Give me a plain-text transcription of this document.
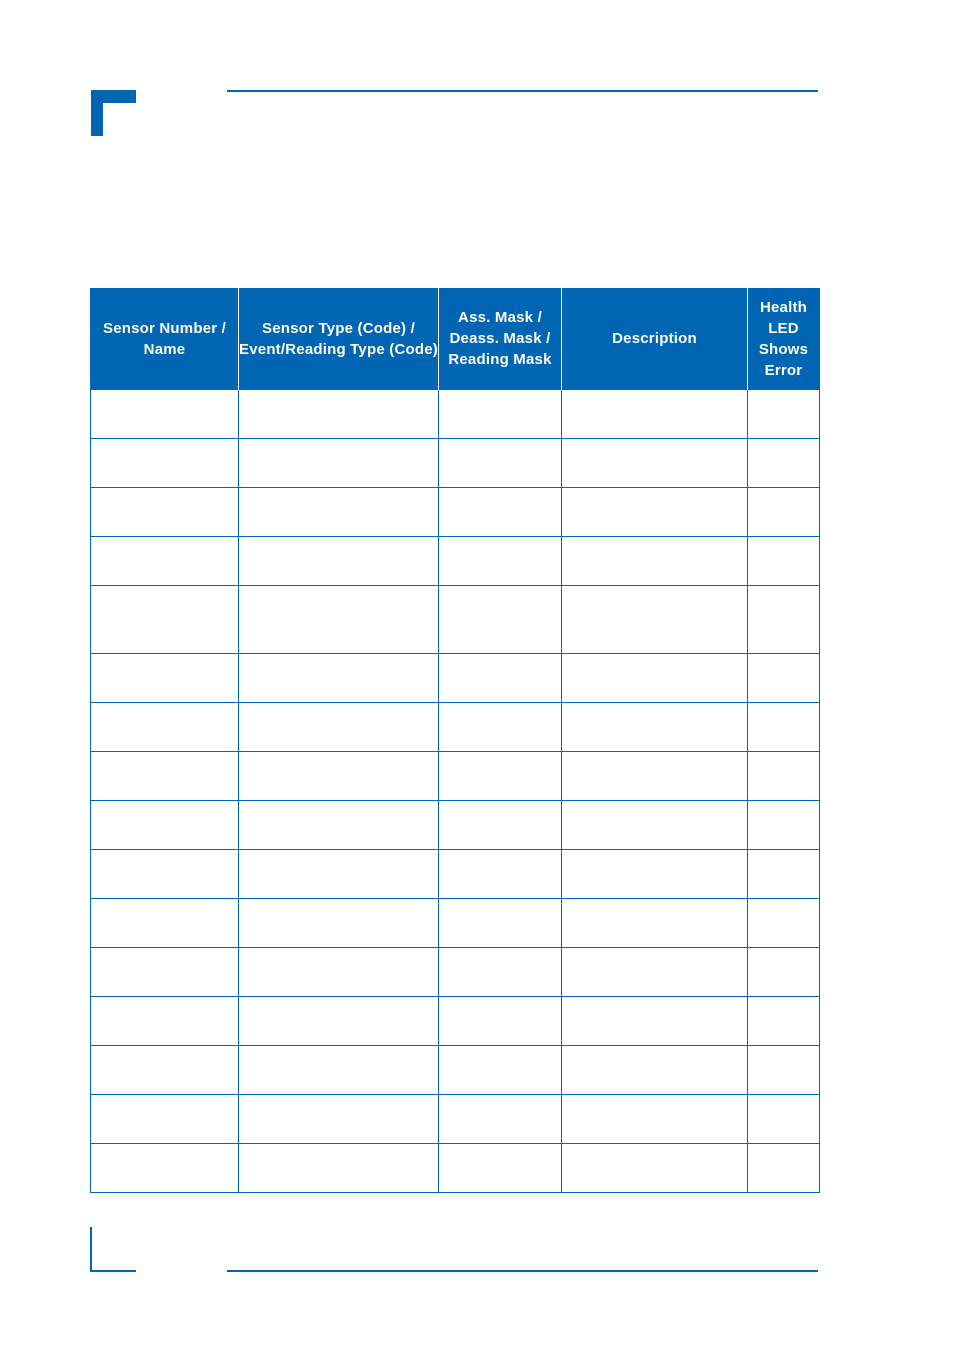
Sensor Number /
Name	Sensor Type (Code) /
Event/Reading Type (Code)	Ass. Mask /
Deass. Mask /
Reading Mask	Description	Health
LED
Shows
Error
